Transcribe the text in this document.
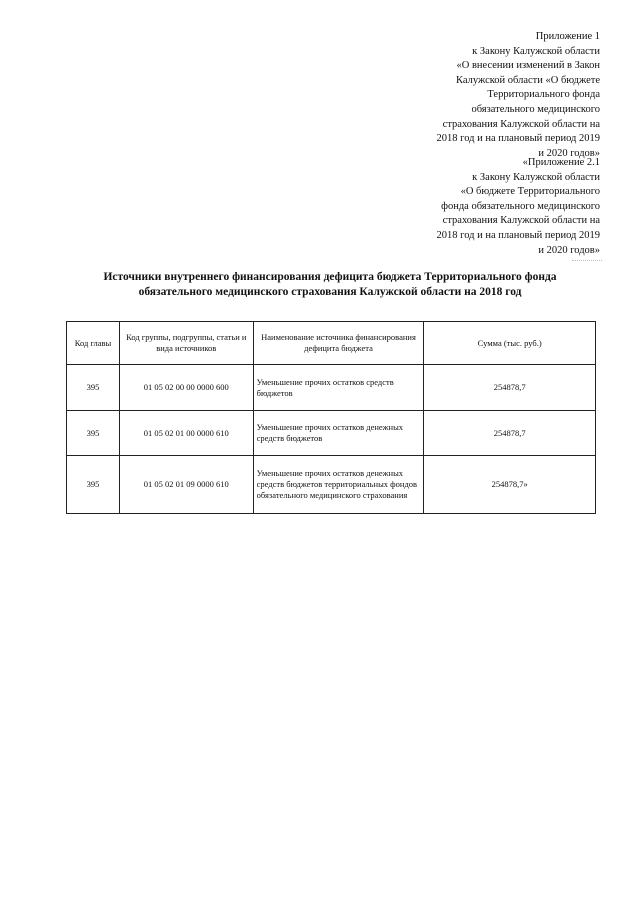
Приложение 1
к Закону Калужской области
«О внесении изменений в Закон
Калужской области «О бюджете
Территориального фонда
обязательного медицинского
страхования Калужской области на
2018 год и на плановый период 2019
и 2020 годов»
«Приложение 2.1
к Закону Калужской области
«О бюджете Территориального
фонда обязательного медицинского
страхования Калужской области на
2018 год и на плановый период 2019
и 2020 годов»
Источники внутреннего финансирования дефицита бюджета Территориального фонда
обязательного медицинского страхования Калужской области на 2018 год
Код главы	Код группы, подгруппы, статьи и вида источников	Наименование источника финансирования дефицита бюджета	Сумма (тыс. руб.)
395	01 05 02 00 00 0000 600	Уменьшение прочих остатков средств бюджетов	254878,7
395	01 05 02 01 00 0000 610	Уменьшение прочих остатков денежных средств бюджетов	254878,7
395	01 05 02 01 09 0000 610	Уменьшение прочих остатков денежных средств бюджетов территориальных фондов обязательного медицинского страхования	254878,7»
